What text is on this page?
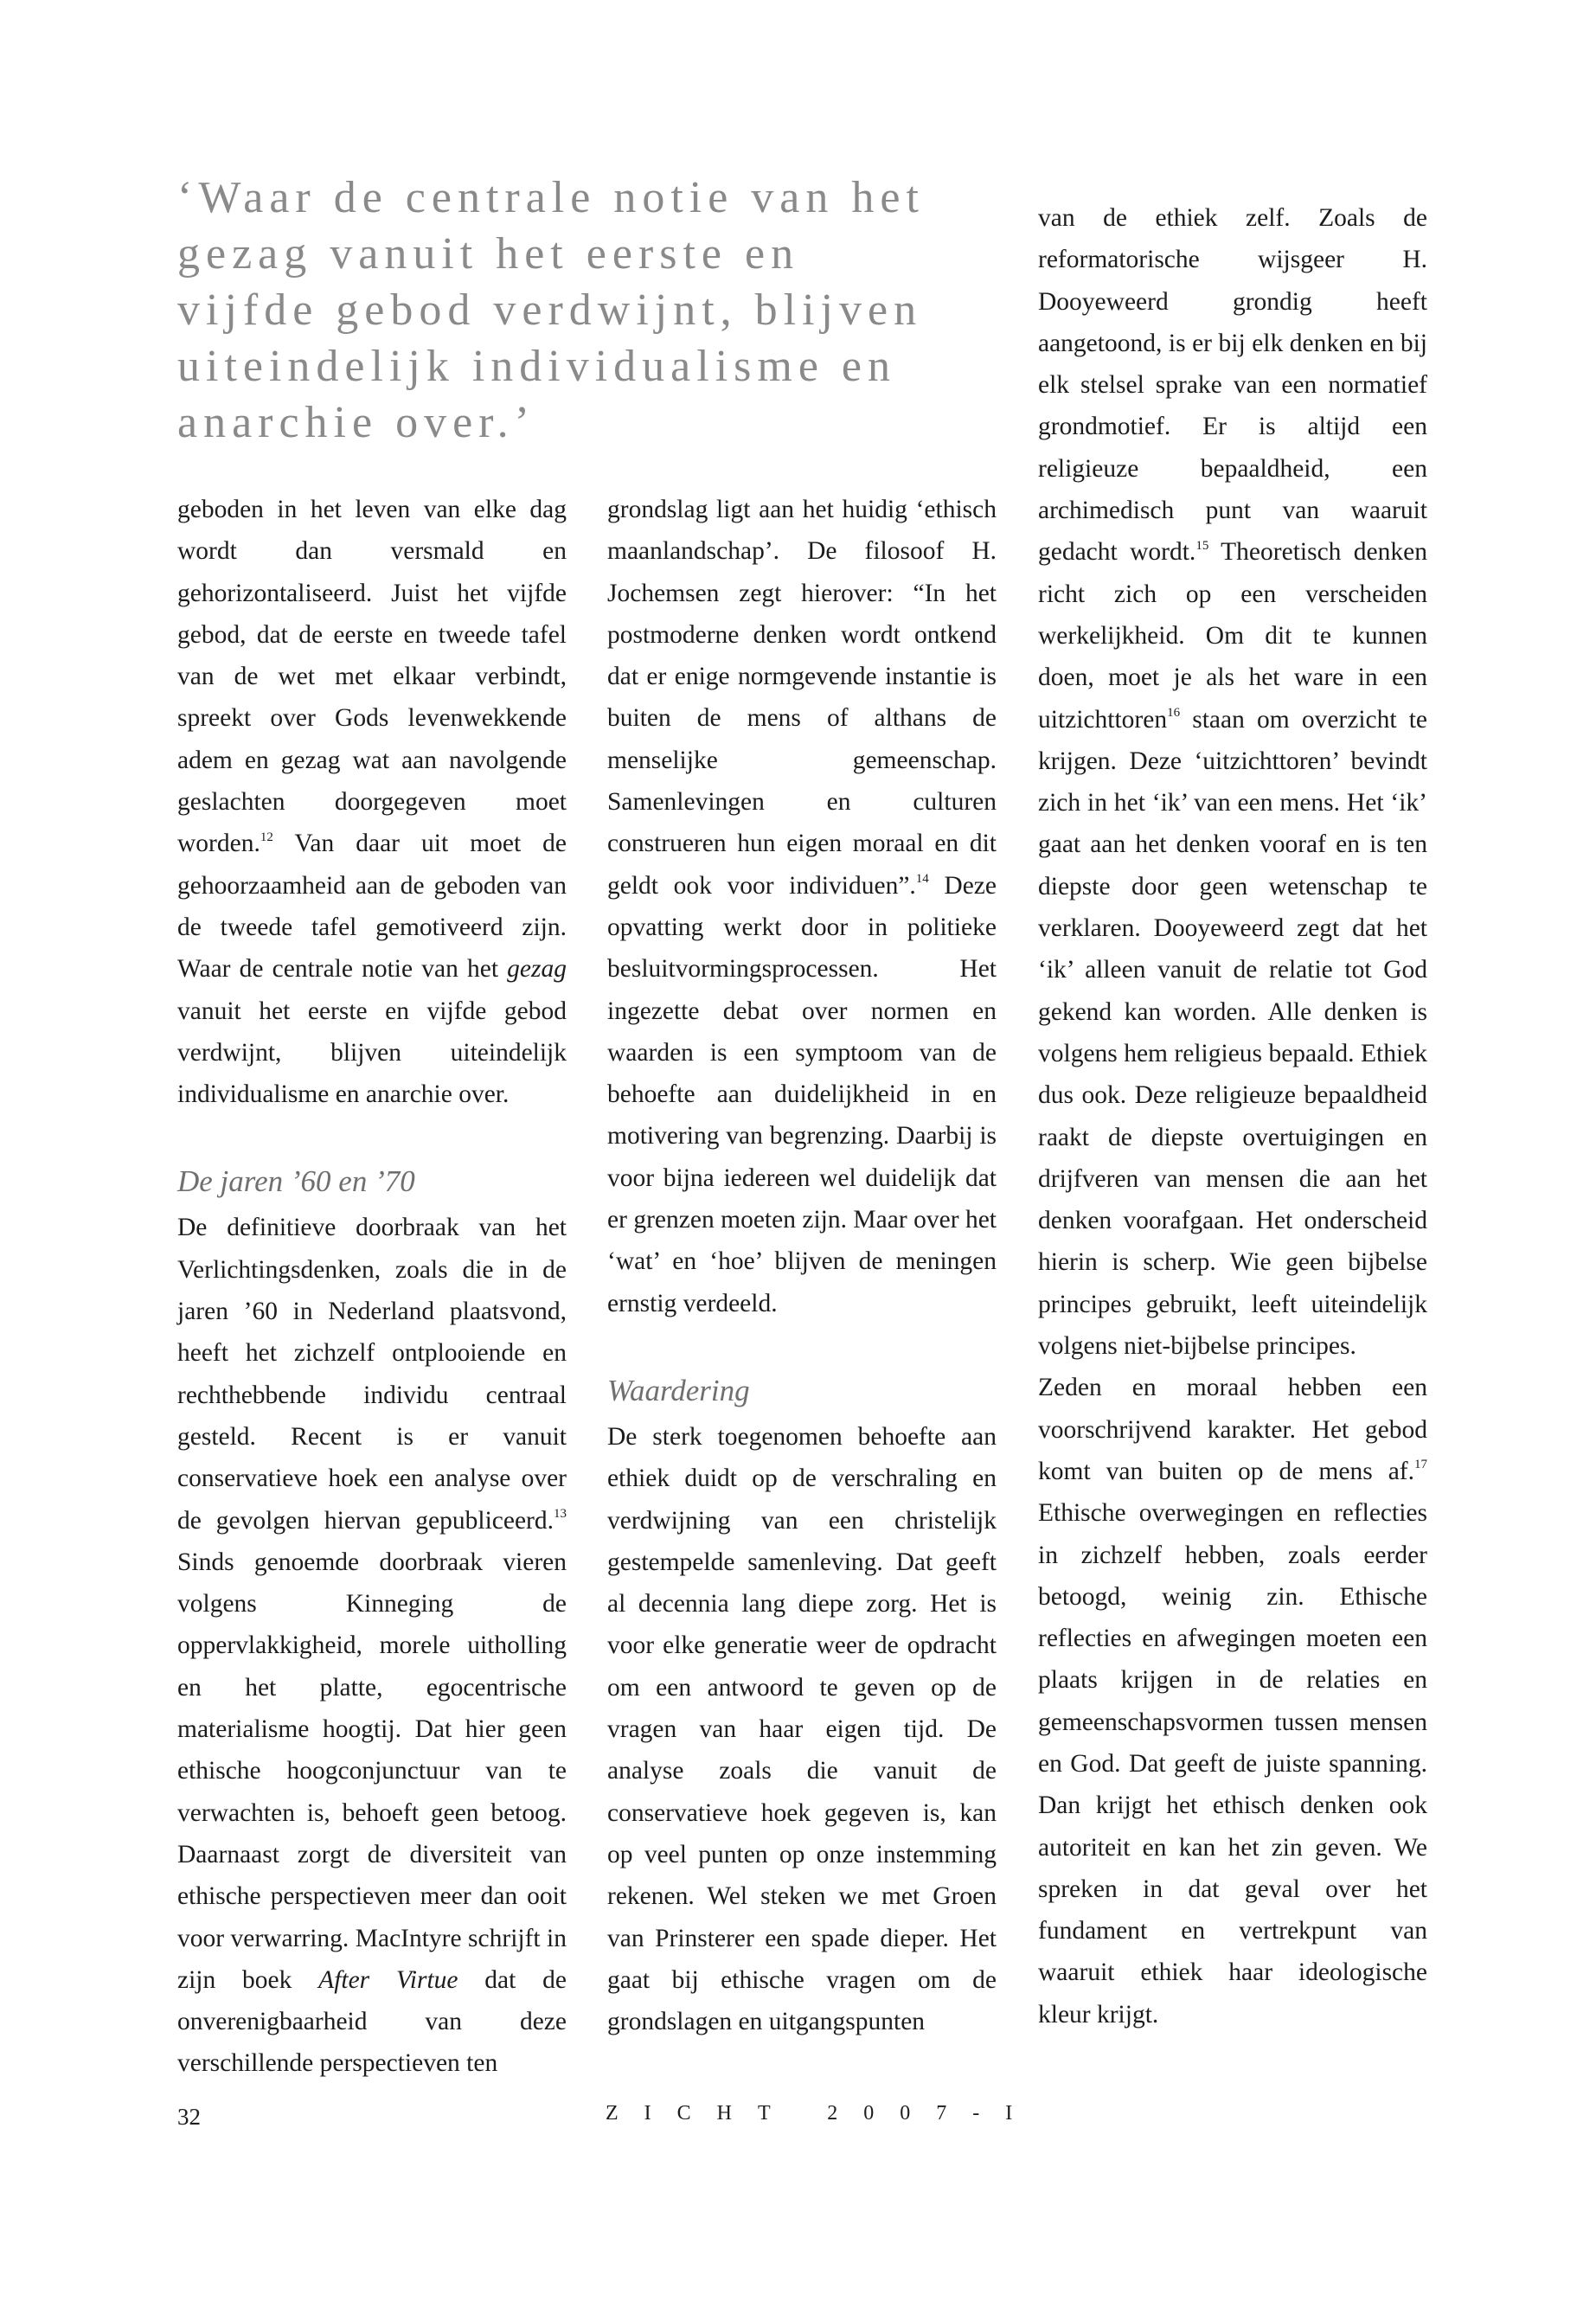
‘Waar de centrale notie van het gezag vanuit het eerste en vijfde gebod verdwijnt, blijven uiteindelijk individualisme en anarchie over.’

geboden in het leven van elke dag wordt dan versmald en gehorizontaliseerd. Juist het vijfde gebod, dat de eerste en tweede tafel van de wet met elkaar verbindt, spreekt over Gods levenwekkende adem en gezag wat aan navolgende geslachten doorgegeven moet worden.$^{12}$ Van daar uit moet de gehoorzaamheid aan de geboden van de tweede tafel gemotiveerd zijn. Waar de centrale notie van het gezag vanuit het eerste en vijfde gebod verdwijnt, blijven uiteindelijk individualisme en anarchie over.

De jaren ’60 en ’70

De definitieve doorbraak van het Verlichtingsdenken, zoals die in de jaren ’60 in Nederland plaatsvond, heeft het zichzelf ontplooiende en rechthebbende individu centraal gesteld. Recent is er vanuit conservatieve hoek een analyse over de gevolgen hiervan gepubliceerd.$^{13}$ Sinds genoemde doorbraak vieren volgens Kinneging de oppervlakkigheid, morele uitholling en het platte, egocentrische materialisme hoogtij. Dat hier geen ethische hoogconjunctuur van te verwachten is, behoeft geen betoog. Daarnaast zorgt de diversiteit van ethische perspectieven meer dan ooit voor verwarring. MacIntyre schrijft in zijn boek After Virtue dat de onverenigbaarheid van deze verschillende perspectieven ten

grondslag ligt aan het huidig ‘ethisch maanlandschap’. De filosoof H. Jochemsen zegt hierover: “In het postmoderne denken wordt ontkend dat er enige normgevende instantie is buiten de mens of althans de menselijke gemeenschap. Samenlevingen en culturen construeren hun eigen moraal en dit geldt ook voor individuen”.$^{14}$ Deze opvatting werkt door in politieke besluitvormingsprocessen. Het ingezette debat over normen en waarden is een symptoom van de behoefte aan duidelijkheid in en motivering van begrenzing. Daarbij is voor bijna iedereen wel duidelijk dat er grenzen moeten zijn. Maar over het ‘wat’ en ‘hoe’ blijven de meningen ernstig verdeeld.

Waardering

De sterk toegenomen behoefte aan ethiek duidt op de verschraling en verdwijning van een christelijk gestempelde samenleving. Dat geeft al decennia lang diepe zorg. Het is voor elke generatie weer de opdracht om een antwoord te geven op de vragen van haar eigen tijd. De analyse zoals die vanuit de conservatieve hoek gegeven is, kan op veel punten op onze instemming rekenen. Wel steken we met Groen van Prinsterer een spade dieper. Het gaat bij ethische vragen om de grondslagen en uitgangspunten

van de ethiek zelf. Zoals de reformatorische wijsgeer H. Dooyeweerd grondig heeft aangetoond, is er bij elk denken en bij elk stelsel sprake van een normatief grondmotief. Er is altijd een religieuze bepaaldheid, een archimedisch punt van waaruit gedacht wordt.$^{15}$ Theoretisch denken richt zich op een verscheiden werkelijkheid. Om dit te kunnen doen, moet je als het ware in een uitzichttoren$^{16}$ staan om overzicht te krijgen. Deze ‘uitzichttoren’ bevindt zich in het ‘ik’ van een mens. Het ‘ik’ gaat aan het denken vooraf en is ten diepste door geen wetenschap te verklaren. Dooyeweerd zegt dat het ‘ik’ alleen vanuit de relatie tot God gekend kan worden. Alle denken is volgens hem religieus bepaald. Ethiek dus ook. Deze religieuze bepaaldheid raakt de diepste overtuigingen en drijfveren van mensen die aan het denken voorafgaan. Het onderscheid hierin is scherp. Wie geen bijbelse principes gebruikt, leeft uiteindelijk volgens niet-bijbelse principes.

Zeden en moraal hebben een voorschrijvend karakter. Het gebod komt van buiten op de mens af.$^{17}$ Ethische overwegingen en reflecties in zichzelf hebben, zoals eerder betoogd, weinig zin. Ethische reflecties en afwegingen moeten een plaats krijgen in de relaties en gemeenschapsvormen tussen mensen en God. Dat geeft de juiste spanning. Dan krijgt het ethisch denken ook autoriteit en kan het zin geven. We spreken in dat geval over het fundament en vertrekpunt van waaruit ethiek haar ideologische kleur krijgt.

32	ZICHT 2007-I
